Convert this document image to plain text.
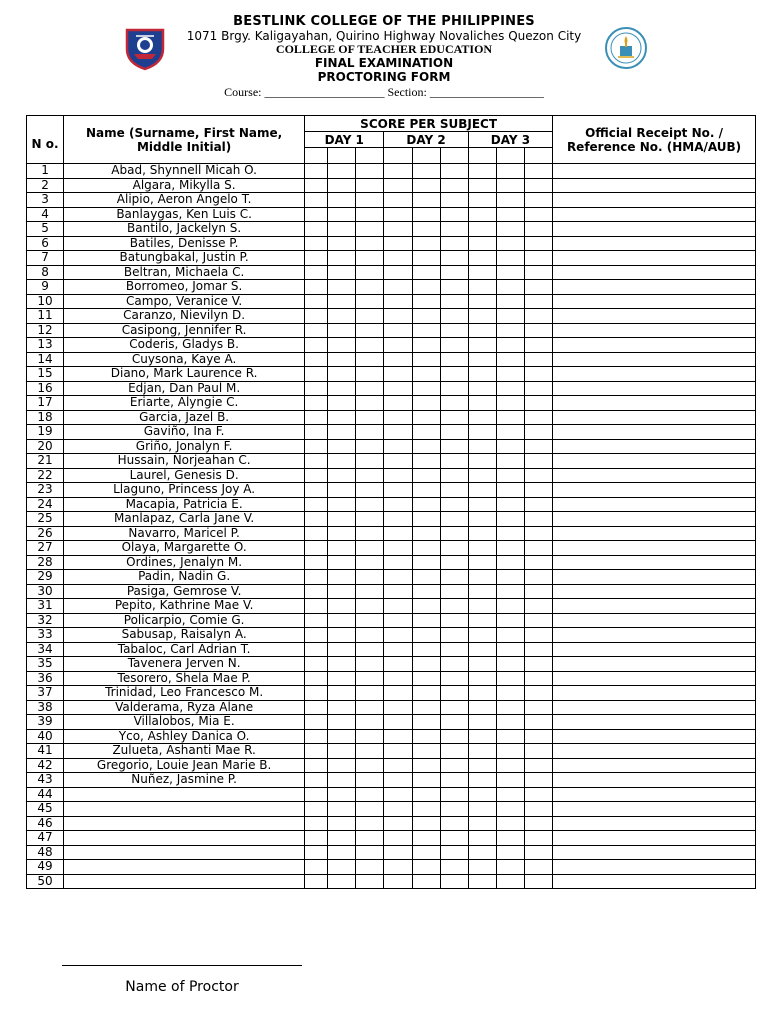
BESTLINK COLLEGE OF THE PHILIPPINES
1071 Brgy. Kaligayahan, Quirino Highway Novaliches Quezon City
COLLEGE OF TEACHER EDUCATION
FINAL EXAMINATION
PROCTORING FORM
Course: ____________________ Section: ___________________
N o.	Name (Surname, First Name, Middle Initial)	SCORE PER SUBJECT									Official Receipt No. / Reference No. (HMA/AUB)
		DAY 1			DAY 2			DAY 3			

1	Abad, Shynnell Micah O.										
2	Algara, Mikylla S.										
3	Alipio, Aeron Angelo T.										
4	Banlaygas, Ken Luis C.										
5	Bantilo, Jackelyn S.										
6	Batiles, Denisse P.										
7	Batungbakal, Justin P.										
8	Beltran, Michaela C.										
9	Borromeo, Jomar S.										
10	Campo, Veranice V.										
11	Caranzo, Nievilyn D.										
12	Casipong, Jennifer R.										
13	Coderis, Gladys B.										
14	Cuysona, Kaye A.										
15	Diano, Mark Laurence R.										
16	Edjan, Dan Paul M.										
17	Eriarte, Alyngie C.										
18	Garcia, Jazel B.										
19	Gaviño, Ina F.										
20	Griño, Jonalyn F.										
21	Hussain, Norjeahan C.										
22	Laurel, Genesis D.										
23	Llaguno, Princess Joy A.										
24	Macapia, Patricia E.										
25	Manlapaz, Carla Jane V.										
26	Navarro, Maricel P.										
27	Olaya, Margarette O.										
28	Ordines, Jenalyn M.										
29	Padin, Nadin G.										
30	Pasiga, Gemrose V.										
31	Pepito, Kathrine Mae V.										
32	Policarpio, Comie G.										
33	Sabusap, Raisalyn A.										
34	Tabaloc, Carl Adrian T.										
35	Tavenera Jerven N.										
36	Tesorero, Shela Mae P.										
37	Trinidad, Leo Francesco M.										
38	Valderama, Ryza Alane										
39	Villalobos, Mia E.										
40	Yco, Ashley Danica O.										
41	Zulueta, Ashanti Mae R.										
42	Gregorio, Louie Jean Marie B.										
43	Nuñez, Jasmine P.										
44											
45											
46											
47											
48											
49											
50											
Name of Proctor
